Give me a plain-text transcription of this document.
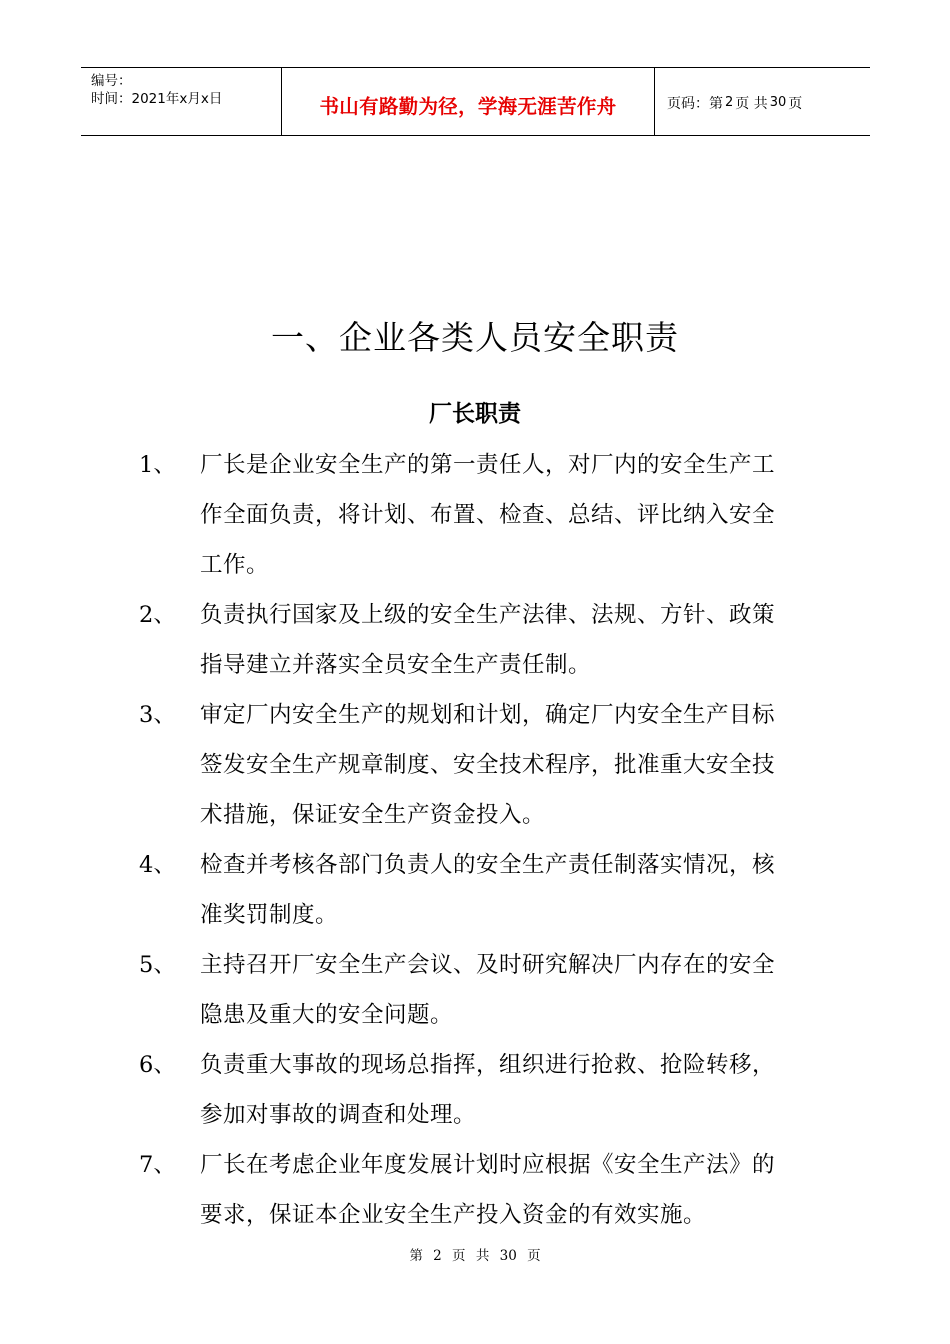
编号：
时间：2021年x月x日	书山有路勤为径，学海无涯苦作舟	页码：第 2 页 共 30 页
一、企业各类人员安全职责
厂长职责
1、	厂长是企业安全生产的第一责任人，对厂内的安全生产工
作全面负责，将计划、布置、检查、总结、评比纳入安全
工作。
2、	负责执行国家及上级的安全生产法律、法规、方针、政策
指导建立并落实全员安全生产责任制。
3、	审定厂内安全生产的规划和计划，确定厂内安全生产目标
签发安全生产规章制度、安全技术程序，批准重大安全技
术措施，保证安全生产资金投入。
4、	检查并考核各部门负责人的安全生产责任制落实情况，核
准奖罚制度。
5、	主持召开厂安全生产会议、及时研究解决厂内存在的安全
隐患及重大的安全问题。
6、	负责重大事故的现场总指挥，组织进行抢救、抢险转移，
参加对事故的调查和处理。
7、	厂长在考虑企业年度发展计划时应根据《安全生产法》的
要求，保证本企业安全生产投入资金的有效实施。
第 2 页 共 30 页
